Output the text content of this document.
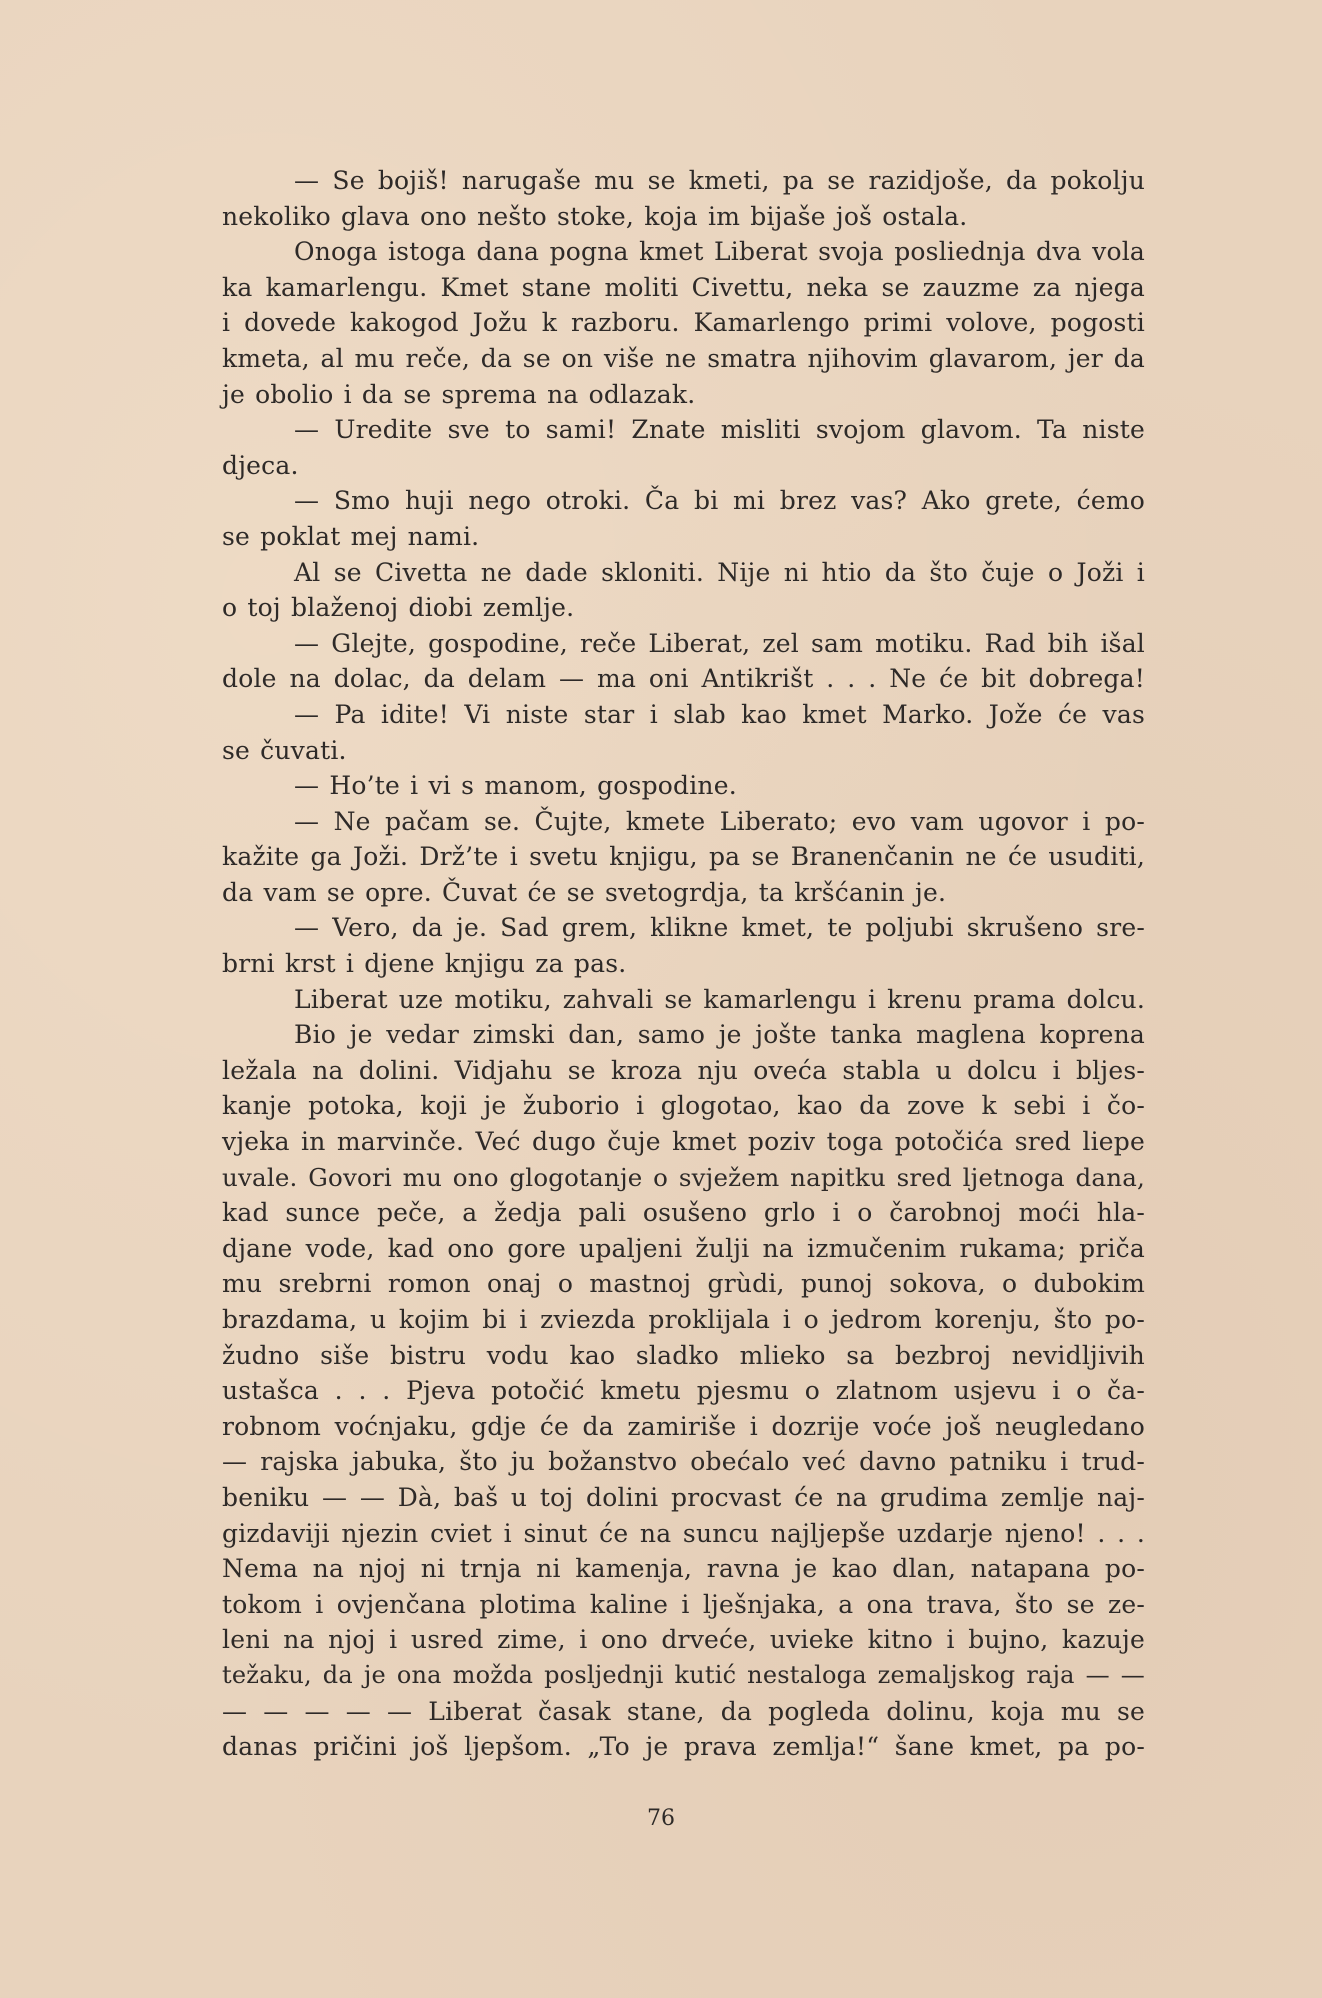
— Se bojiš! narugaše mu se kmeti, pa se razidjoše, da pokolju
nekoliko glava ono nešto stoke, koja im bijaše još ostala.
Onoga istoga dana pogna kmet Liberat svoja posliednja dva vola
ka kamarlengu. Kmet stane moliti Civettu, neka se zauzme za njega
i dovede kakogod Jožu k razboru. Kamarlengo primi volove, pogosti
kmeta, al mu reče, da se on više ne smatra njihovim glavarom, jer da
je obolio i da se sprema na odlazak.
— Uredite sve to sami! Znate misliti svojom glavom. Ta niste
djeca.
— Smo huji nego otroki. Ča bi mi brez vas? Ako grete, ćemo
se poklat mej nami.
Al se Civetta ne dade skloniti. Nije ni htio da što čuje o Joži i
o toj blaženoj diobi zemlje.
— Glejte, gospodine, reče Liberat, zel sam motiku. Rad bih išal
dole na dolac, da delam — ma oni Antikrišt . . . Ne će bit dobrega!
— Pa idite! Vi niste star i slab kao kmet Marko. Jože će vas
se čuvati.
— Ho’te i vi s manom, gospodine.
— Ne pačam se. Čujte, kmete Liberato; evo vam ugovor i po-
kažite ga Joži. Drž’te i svetu knjigu, pa se Branenčanin ne će usuditi,
da vam se opre. Čuvat će se svetogrdja, ta kršćanin je.
— Vero, da je. Sad grem, klikne kmet, te poljubi skrušeno sre-
brni krst i djene knjigu za pas.
Liberat uze motiku, zahvali se kamarlengu i krenu prama dolcu.
Bio je vedar zimski dan, samo je jošte tanka maglena koprena
ležala na dolini. Vidjahu se kroza nju oveća stabla u dolcu i bljes-
kanje potoka, koji je žuborio i glogotao, kao da zove k sebi i čo-
vjeka in marvinče. Već dugo čuje kmet poziv toga potočića sred liepe
uvale. Govori mu ono glogotanje o svježem napitku sred ljetnoga dana,
kad sunce peče, a žedja pali osušeno grlo i o čarobnoj moći hla-
djane vode, kad ono gore upaljeni žulji na izmučenim rukama; priča
mu srebrni romon onaj o mastnoj grùdi, punoj sokova, o dubokim
brazdama, u kojim bi i zviezda proklijala i o jedrom korenju, što po-
žudno siše bistru vodu kao sladko mlieko sa bezbroj nevidljivih
ustašca . . . Pjeva potočić kmetu pjesmu o zlatnom usjevu i o ča-
robnom voćnjaku, gdje će da zamiriše i dozrije voće još neugledano
— rajska jabuka, što ju božanstvo obećalo već davno patniku i trud-
beniku — — Dà, baš u toj dolini procvast će na grudima zemlje naj-
gizdaviji njezin cviet i sinut će na suncu najljepše uzdarje njeno! . . .
Nema na njoj ni trnja ni kamenja, ravna je kao dlan, natapana po-
tokom i ovjenčana plotima kaline i lješnjaka, a ona trava, što se ze-
leni na njoj i usred zime, i ono drveće, uvieke kitno i bujno, kazuje
težaku, da je ona možda posljednji kutić nestaloga zemaljskog raja — —
— — — — — Liberat časak stane, da pogleda dolinu, koja mu se
danas pričini još ljepšom. „To je prava zemlja!“ šane kmet, pa po-
76
